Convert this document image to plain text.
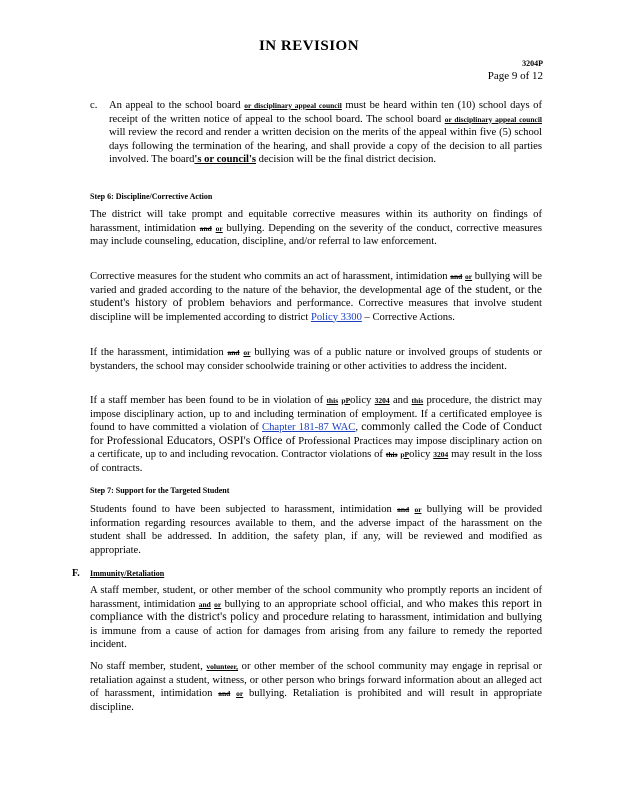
IN REVISION
3204P
Page 9 of 12
c. An appeal to the school board or disciplinary appeal council must be heard within ten (10) school days of receipt of the written notice of appeal to the school board. The school board or disciplinary appeal council will review the record and render a written decision on the merits of the appeal within five (5) school days following the termination of the hearing, and shall provide a copy of the decision to all parties involved. The board's or council's decision will be the final district decision.
Step 6: Discipline/Corrective Action
The district will take prompt and equitable corrective measures within its authority on findings of harassment, intimidation and or bullying. Depending on the severity of the conduct, corrective measures may include counseling, education, discipline, and/or referral to law enforcement.
Corrective measures for the student who commits an act of harassment, intimidation and or bullying will be varied and graded according to the nature of the behavior, the developmental age of the student, or the student's history of problem behaviors and performance. Corrective measures that involve student discipline will be implemented according to district Policy 3300 – Corrective Actions.
If the harassment, intimidation and or bullying was of a public nature or involved groups of students or bystanders, the school may consider schoolwide training or other activities to address the incident.
If a staff member has been found to be in violation of this pPolicy 3204 and this procedure, the district may impose disciplinary action, up to and including termination of employment. If a certificated employee is found to have committed a violation of Chapter 181-87 WAC, commonly called the Code of Conduct for Professional Educators, OSPI's Office of Professional Practices may impose disciplinary action on a certificate, up to and including revocation. Contractor violations of this pPolicy 3204 may result in the loss of contracts.
Step 7: Support for the Targeted Student
Students found to have been subjected to harassment, intimidation and or bullying will be provided information regarding resources available to them, and the adverse impact of the harassment on the student shall be addressed. In addition, the safety plan, if any, will be reviewed and modified as appropriate.
F. Immunity/Retaliation
A staff member, student, or other member of the school community who promptly reports an incident of harassment, intimidation and or bullying to an appropriate school official, and who makes this report in compliance with the district's policy and procedure relating to harassment, intimidation and bullying is immune from a cause of action for damages from arising from any failure to remedy the reported incident.
No staff member, student, volunteer, or other member of the school community may engage in reprisal or retaliation against a student, witness, or other person who brings forward information about an alleged act of harassment, intimidation and or bullying. Retaliation is prohibited and will result in appropriate discipline.
